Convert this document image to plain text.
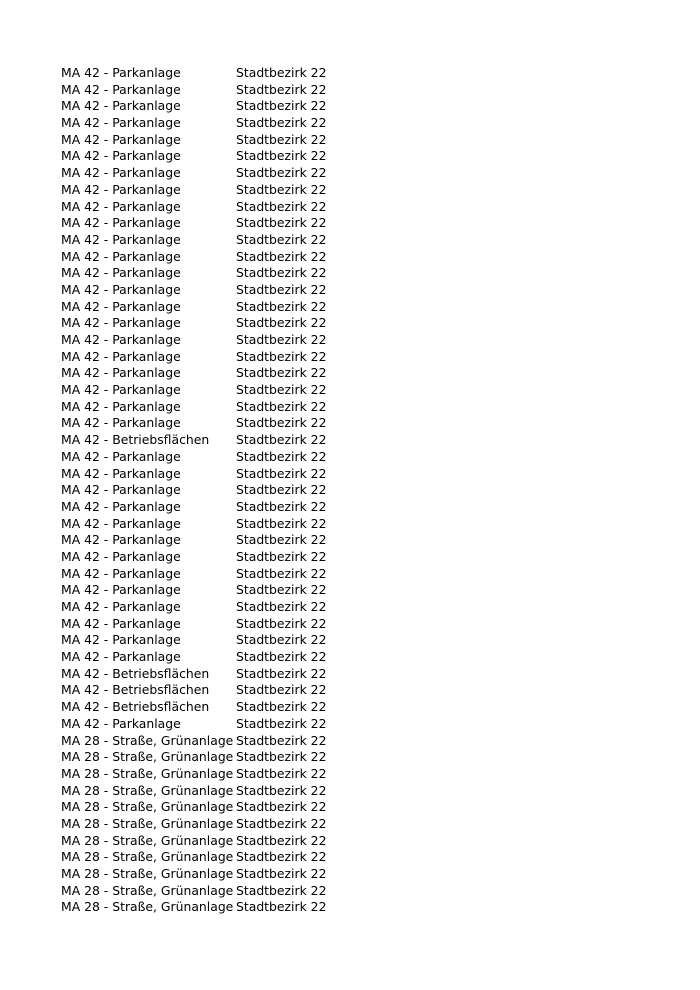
MA 42 - Parkanlage	Stadtbezirk 22
MA 42 - Parkanlage	Stadtbezirk 22
MA 42 - Parkanlage	Stadtbezirk 22
MA 42 - Parkanlage	Stadtbezirk 22
MA 42 - Parkanlage	Stadtbezirk 22
MA 42 - Parkanlage	Stadtbezirk 22
MA 42 - Parkanlage	Stadtbezirk 22
MA 42 - Parkanlage	Stadtbezirk 22
MA 42 - Parkanlage	Stadtbezirk 22
MA 42 - Parkanlage	Stadtbezirk 22
MA 42 - Parkanlage	Stadtbezirk 22
MA 42 - Parkanlage	Stadtbezirk 22
MA 42 - Parkanlage	Stadtbezirk 22
MA 42 - Parkanlage	Stadtbezirk 22
MA 42 - Parkanlage	Stadtbezirk 22
MA 42 - Parkanlage	Stadtbezirk 22
MA 42 - Parkanlage	Stadtbezirk 22
MA 42 - Parkanlage	Stadtbezirk 22
MA 42 - Parkanlage	Stadtbezirk 22
MA 42 - Parkanlage	Stadtbezirk 22
MA 42 - Parkanlage	Stadtbezirk 22
MA 42 - Parkanlage	Stadtbezirk 22
MA 42 - Betriebsflächen	Stadtbezirk 22
MA 42 - Parkanlage	Stadtbezirk 22
MA 42 - Parkanlage	Stadtbezirk 22
MA 42 - Parkanlage	Stadtbezirk 22
MA 42 - Parkanlage	Stadtbezirk 22
MA 42 - Parkanlage	Stadtbezirk 22
MA 42 - Parkanlage	Stadtbezirk 22
MA 42 - Parkanlage	Stadtbezirk 22
MA 42 - Parkanlage	Stadtbezirk 22
MA 42 - Parkanlage	Stadtbezirk 22
MA 42 - Parkanlage	Stadtbezirk 22
MA 42 - Parkanlage	Stadtbezirk 22
MA 42 - Parkanlage	Stadtbezirk 22
MA 42 - Parkanlage	Stadtbezirk 22
MA 42 - Betriebsflächen	Stadtbezirk 22
MA 42 - Betriebsflächen	Stadtbezirk 22
MA 42 - Betriebsflächen	Stadtbezirk 22
MA 42 - Parkanlage	Stadtbezirk 22
MA 28 - Straße, Grünanlage Stadtbezirk 22
MA 28 - Straße, Grünanlage Stadtbezirk 22
MA 28 - Straße, Grünanlage Stadtbezirk 22
MA 28 - Straße, Grünanlage Stadtbezirk 22
MA 28 - Straße, Grünanlage Stadtbezirk 22
MA 28 - Straße, Grünanlage Stadtbezirk 22
MA 28 - Straße, Grünanlage Stadtbezirk 22
MA 28 - Straße, Grünanlage Stadtbezirk 22
MA 28 - Straße, Grünanlage Stadtbezirk 22
MA 28 - Straße, Grünanlage Stadtbezirk 22
MA 28 - Straße, Grünanlage Stadtbezirk 22
